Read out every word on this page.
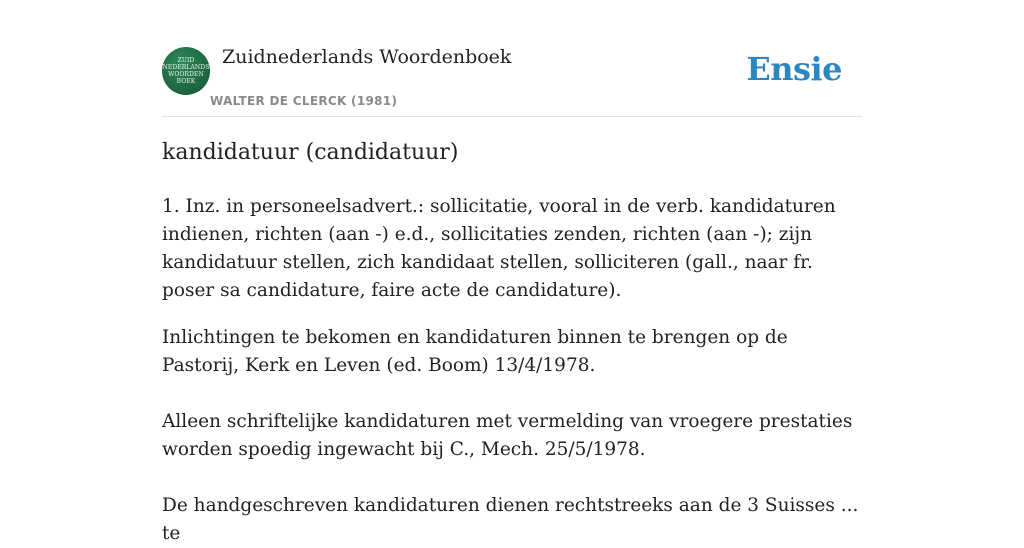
ZUID
NEDERLANDS
WOORDEN
BOEK
Zuidnederlands Woordenboek
WALTER DE CLERCK (1981)
Ensie
kandidatuur (candidatuur)

1. Inz. in personeelsadvert.: sollicitatie, vooral in de verb. kandidaturen indienen, richten (aan -) e.d., sollicitaties zenden, richten (aan -); zijn kandidatuur stellen, zich kandidaat stellen, solliciteren (gall., naar fr. poser sa candidature, faire acte de candidature).

Inlichtingen te bekomen en kandidaturen binnen te brengen op de Pastorij, Kerk en Leven (ed. Boom) 13/4/1978.

Alleen schriftelijke kandidaturen met vermelding van vroegere prestaties worden spoedig ingewacht bij C., Mech. 25/5/1978.

De handgeschreven kandidaturen dienen rechtstreeks aan de 3 Suisses ... te
